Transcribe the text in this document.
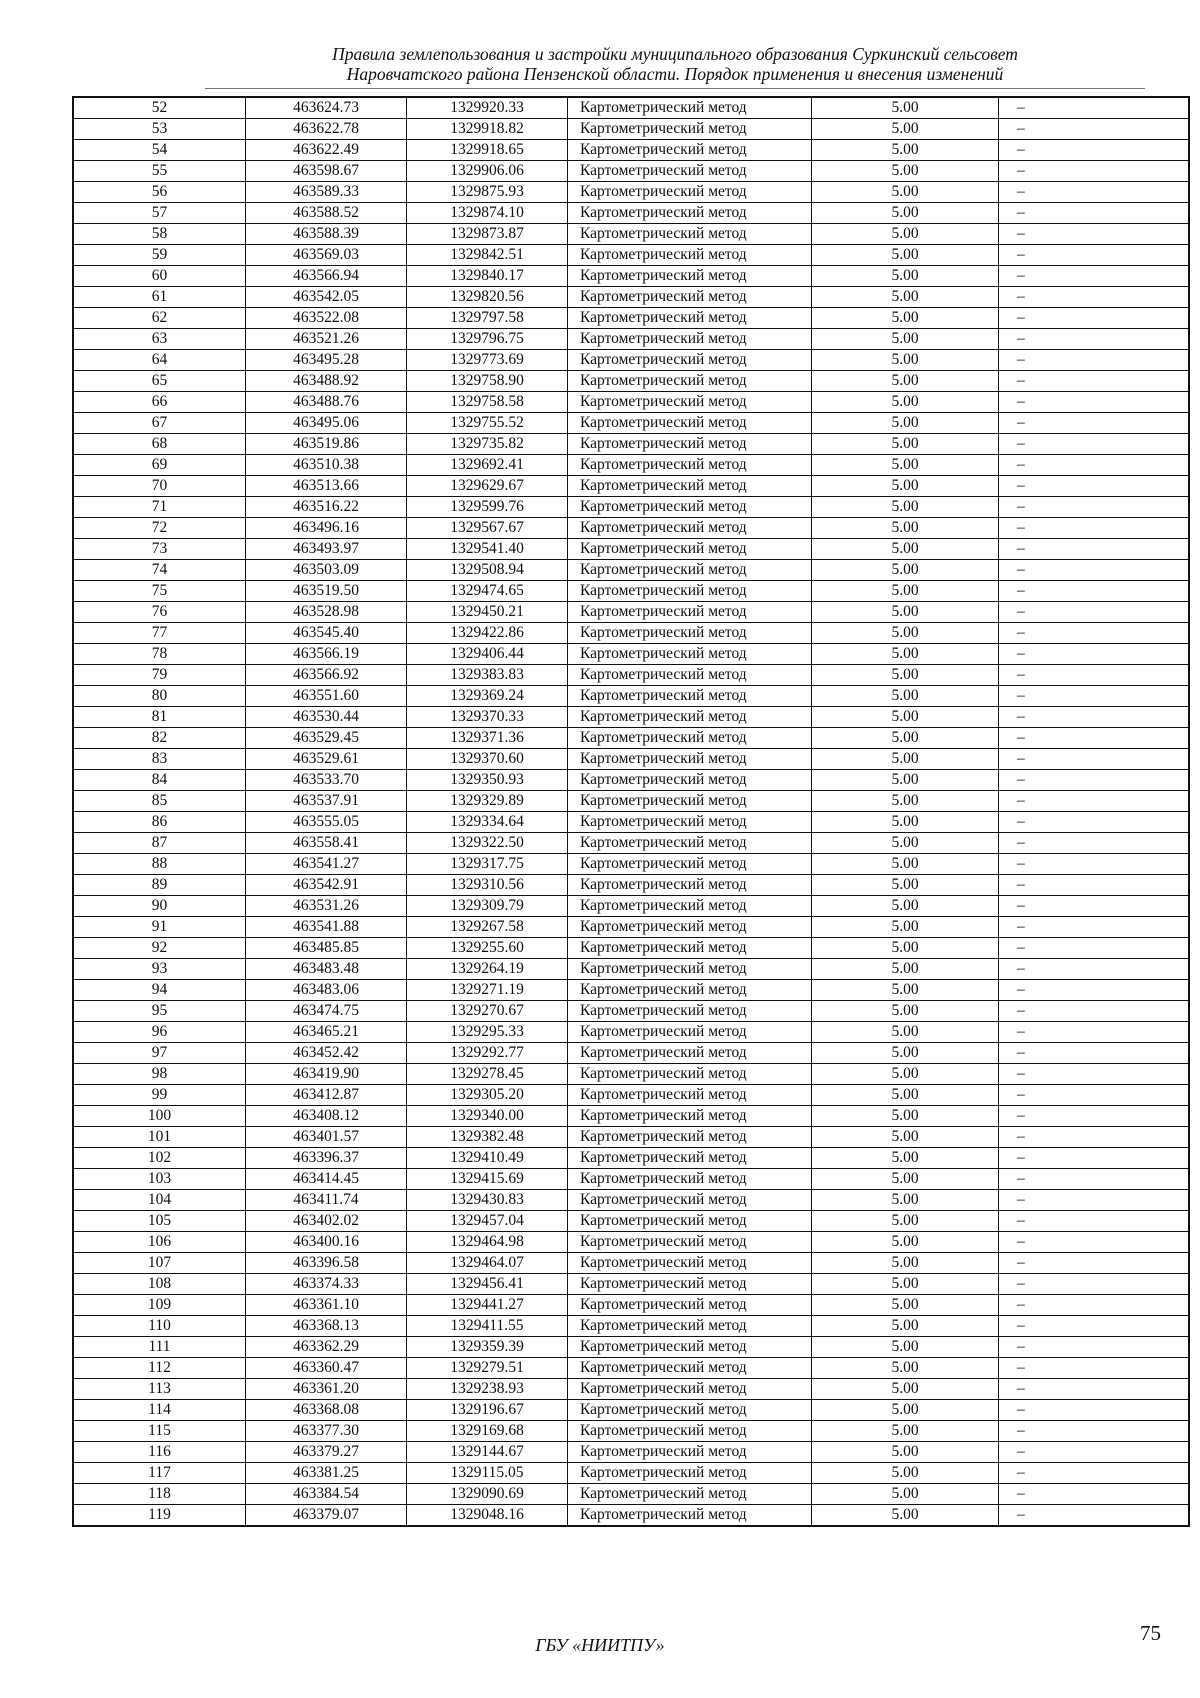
Правила землепользования и застройки муниципального образования Суркинский сельсовет
Наровчатского района Пензенской области. Порядок применения и внесения изменений
52	463624.73	1329920.33	Картометрический метод	5.00	–
53	463622.78	1329918.82	Картометрический метод	5.00	–
54	463622.49	1329918.65	Картометрический метод	5.00	–
55	463598.67	1329906.06	Картометрический метод	5.00	–
56	463589.33	1329875.93	Картометрический метод	5.00	–
57	463588.52	1329874.10	Картометрический метод	5.00	–
58	463588.39	1329873.87	Картометрический метод	5.00	–
59	463569.03	1329842.51	Картометрический метод	5.00	–
60	463566.94	1329840.17	Картометрический метод	5.00	–
61	463542.05	1329820.56	Картометрический метод	5.00	–
62	463522.08	1329797.58	Картометрический метод	5.00	–
63	463521.26	1329796.75	Картометрический метод	5.00	–
64	463495.28	1329773.69	Картометрический метод	5.00	–
65	463488.92	1329758.90	Картометрический метод	5.00	–
66	463488.76	1329758.58	Картометрический метод	5.00	–
67	463495.06	1329755.52	Картометрический метод	5.00	–
68	463519.86	1329735.82	Картометрический метод	5.00	–
69	463510.38	1329692.41	Картометрический метод	5.00	–
70	463513.66	1329629.67	Картометрический метод	5.00	–
71	463516.22	1329599.76	Картометрический метод	5.00	–
72	463496.16	1329567.67	Картометрический метод	5.00	–
73	463493.97	1329541.40	Картометрический метод	5.00	–
74	463503.09	1329508.94	Картометрический метод	5.00	–
75	463519.50	1329474.65	Картометрический метод	5.00	–
76	463528.98	1329450.21	Картометрический метод	5.00	–
77	463545.40	1329422.86	Картометрический метод	5.00	–
78	463566.19	1329406.44	Картометрический метод	5.00	–
79	463566.92	1329383.83	Картометрический метод	5.00	–
80	463551.60	1329369.24	Картометрический метод	5.00	–
81	463530.44	1329370.33	Картометрический метод	5.00	–
82	463529.45	1329371.36	Картометрический метод	5.00	–
83	463529.61	1329370.60	Картометрический метод	5.00	–
84	463533.70	1329350.93	Картометрический метод	5.00	–
85	463537.91	1329329.89	Картометрический метод	5.00	–
86	463555.05	1329334.64	Картометрический метод	5.00	–
87	463558.41	1329322.50	Картометрический метод	5.00	–
88	463541.27	1329317.75	Картометрический метод	5.00	–
89	463542.91	1329310.56	Картометрический метод	5.00	–
90	463531.26	1329309.79	Картометрический метод	5.00	–
91	463541.88	1329267.58	Картометрический метод	5.00	–
92	463485.85	1329255.60	Картометрический метод	5.00	–
93	463483.48	1329264.19	Картометрический метод	5.00	–
94	463483.06	1329271.19	Картометрический метод	5.00	–
95	463474.75	1329270.67	Картометрический метод	5.00	–
96	463465.21	1329295.33	Картометрический метод	5.00	–
97	463452.42	1329292.77	Картометрический метод	5.00	–
98	463419.90	1329278.45	Картометрический метод	5.00	–
99	463412.87	1329305.20	Картометрический метод	5.00	–
100	463408.12	1329340.00	Картометрический метод	5.00	–
101	463401.57	1329382.48	Картометрический метод	5.00	–
102	463396.37	1329410.49	Картометрический метод	5.00	–
103	463414.45	1329415.69	Картометрический метод	5.00	–
104	463411.74	1329430.83	Картометрический метод	5.00	–
105	463402.02	1329457.04	Картометрический метод	5.00	–
106	463400.16	1329464.98	Картометрический метод	5.00	–
107	463396.58	1329464.07	Картометрический метод	5.00	–
108	463374.33	1329456.41	Картометрический метод	5.00	–
109	463361.10	1329441.27	Картометрический метод	5.00	–
110	463368.13	1329411.55	Картометрический метод	5.00	–
111	463362.29	1329359.39	Картометрический метод	5.00	–
112	463360.47	1329279.51	Картометрический метод	5.00	–
113	463361.20	1329238.93	Картометрический метод	5.00	–
114	463368.08	1329196.67	Картометрический метод	5.00	–
115	463377.30	1329169.68	Картометрический метод	5.00	–
116	463379.27	1329144.67	Картометрический метод	5.00	–
117	463381.25	1329115.05	Картометрический метод	5.00	–
118	463384.54	1329090.69	Картометрический метод	5.00	–
119	463379.07	1329048.16	Картометрический метод	5.00	–
ГБУ «НИИТПУ»	75
